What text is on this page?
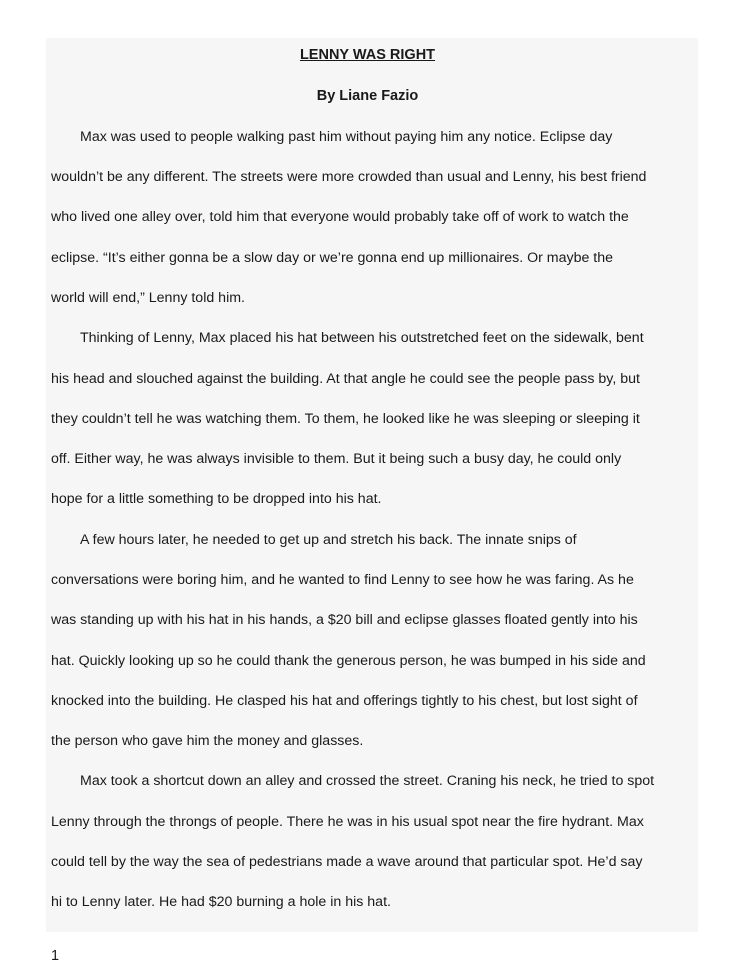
LENNY WAS RIGHT
By Liane Fazio
Max was used to people walking past him without paying him any notice. Eclipse day
wouldn’t be any different. The streets were more crowded than usual and Lenny, his best friend
who lived one alley over, told him that everyone would probably take off of work to watch the
eclipse. “It’s either gonna be a slow day or we’re gonna end up millionaires. Or maybe the
world will end,” Lenny told him.
Thinking of Lenny, Max placed his hat between his outstretched feet on the sidewalk, bent
his head and slouched against the building. At that angle he could see the people pass by, but
they couldn’t tell he was watching them. To them, he looked like he was sleeping or sleeping it
off. Either way, he was always invisible to them. But it being such a busy day, he could only
hope for a little something to be dropped into his hat.
A few hours later, he needed to get up and stretch his back. The innate snips of
conversations were boring him, and he wanted to find Lenny to see how he was faring. As he
was standing up with his hat in his hands, a $20 bill and eclipse glasses floated gently into his
hat. Quickly looking up so he could thank the generous person, he was bumped in his side and
knocked into the building. He clasped his hat and offerings tightly to his chest, but lost sight of
the person who gave him the money and glasses.
Max took a shortcut down an alley and crossed the street. Craning his neck, he tried to spot
Lenny through the throngs of people. There he was in his usual spot near the fire hydrant. Max
could tell by the way the sea of pedestrians made a wave around that particular spot. He’d say
hi to Lenny later. He had $20 burning a hole in his hat.
1
